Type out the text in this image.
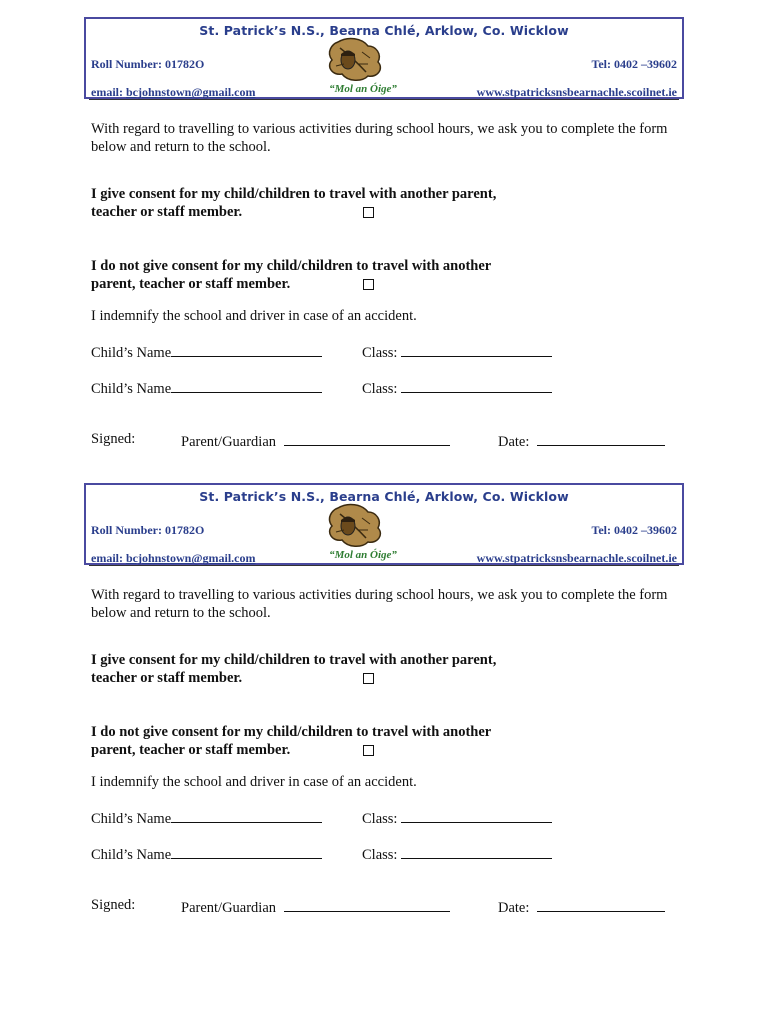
St. Patrick’s N.S., Bearna Chlé, Arklow, Co. Wicklow
Roll Number: 01782O	Tel: 0402 –39602
email: bcjohnstown@gmail.com	www.stpatricksnsbearnachle.scoilnet.ie
“Mol an Óige”
With regard to travelling to various activities during school hours, we ask you to complete the form below and return to the school.
I give consent for my child/children to travel with another parent, teacher or staff member.
I do not give consent for my child/children to travel with another parent, teacher or staff member.
I indemnify the school and driver in case of an accident.
Child’s Name	Class:
Child’s Name	Class:
Signed:	Parent/Guardian	Date:
St. Patrick’s N.S., Bearna Chlé, Arklow, Co. Wicklow
Roll Number: 01782O	Tel: 0402 –39602
email: bcjohnstown@gmail.com	www.stpatricksnsbearnachle.scoilnet.ie
“Mol an Óige”
With regard to travelling to various activities during school hours, we ask you to complete the form below and return to the school.
I give consent for my child/children to travel with another parent, teacher or staff member.
I do not give consent for my child/children to travel with another parent, teacher or staff member.
I indemnify the school and driver in case of an accident.
Child’s Name	Class:
Child’s Name	Class:
Signed:	Parent/Guardian	Date:
